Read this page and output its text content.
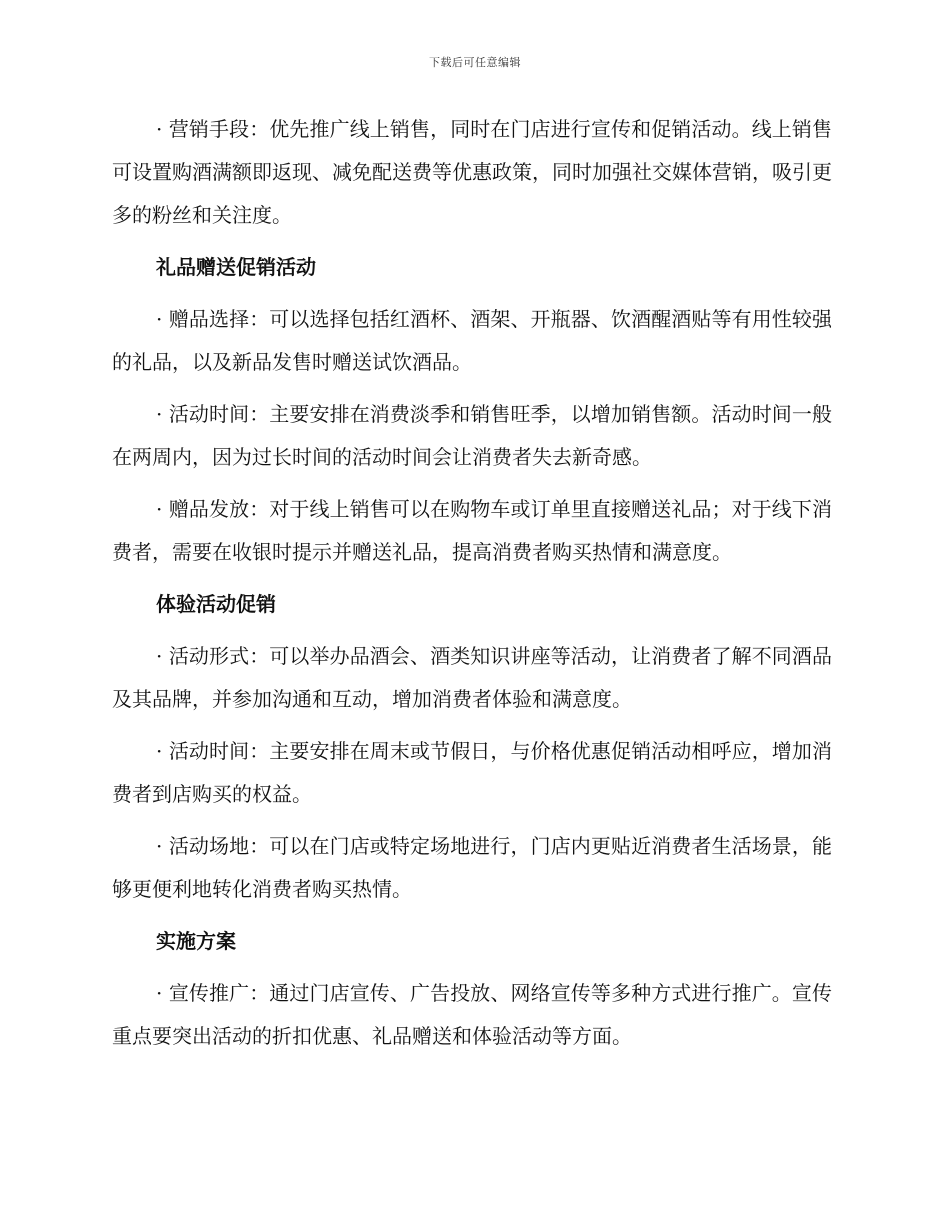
下载后可任意编辑

· 营销手段：优先推广线上销售，同时在门店进行宣传和促销活动。线上销售可设置购酒满额即返现、减免配送费等优惠政策，同时加强社交媒体营销，吸引更多的粉丝和关注度。

礼品赠送促销活动

· 赠品选择：可以选择包括红酒杯、酒架、开瓶器、饮酒醒酒贴等有用性较强的礼品，以及新品发售时赠送试饮酒品。

· 活动时间：主要安排在消费淡季和销售旺季，以增加销售额。活动时间一般在两周内，因为过长时间的活动时间会让消费者失去新奇感。

· 赠品发放：对于线上销售可以在购物车或订单里直接赠送礼品；对于线下消费者，需要在收银时提示并赠送礼品，提高消费者购买热情和满意度。

体验活动促销

· 活动形式：可以举办品酒会、酒类知识讲座等活动，让消费者了解不同酒品及其品牌，并参加沟通和互动，增加消费者体验和满意度。

· 活动时间：主要安排在周末或节假日，与价格优惠促销活动相呼应，增加消费者到店购买的权益。

· 活动场地：可以在门店或特定场地进行，门店内更贴近消费者生活场景，能够更便利地转化消费者购买热情。

实施方案

· 宣传推广：通过门店宣传、广告投放、网络宣传等多种方式进行推广。宣传重点要突出活动的折扣优惠、礼品赠送和体验活动等方面。
